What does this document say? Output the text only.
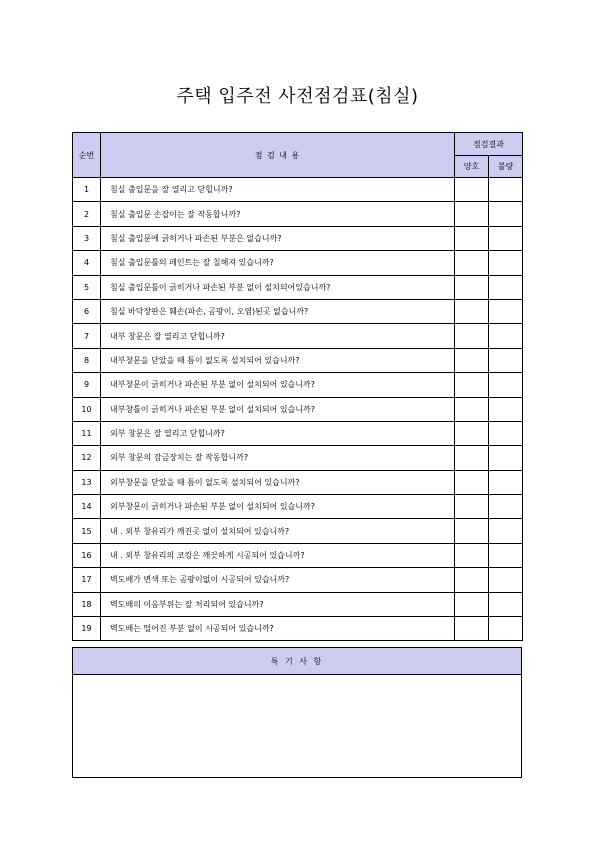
주택 입주전 사전점검표(침실)
순번	점 검 내 용	점검결과	
		양호	불량
1	침실 출입문을 잘 열리고 닫힙니까?		
2	침실 출입문 손잡이는 잘 작동합니까?		
3	침실 출입문에 긁히거나 파손된 부분은 없습니까?		
4	침실 출입문틀의 페인트는 잘 칠해져 있습니까?		
5	침실 출입문틀이 긁히거나 파손된 부분 없이 설치되어있습니까?		
6	침실 바닥장판은 훼손(파손, 곰팡이, 오염)된곳 없습니까?		
7	내부 창문은 잘 열리고 닫힙니까?		
8	내부창문을 닫았을 때 틈이 없도록 설치되어 있습니까?		
9	내부창문이 긁히거나 파손된 부분 없이 설치되어 있습니까?		
10	내부창틀이 긁히거나 파손된 부분 없이 설치되어 있습니까?		
11	외부 창문은 잘 열리고 닫힙니까?		
12	외부 창문의 잠금장치는 잘 작동합니까?		
13	외부창문을 닫았을 때 틈이 없도록 설치되어 있습니까?		
14	외부창문이 긁히거나 파손된 부분 없이 설치되어 있습니까?		
15	내 . 외부 창유리가 깨진곳 없이 설치되어 있습니까?		
16	내 . 외부 창유리의 코킹은 깨끗하게 시공되어 있습니까?		
17	벽도배가 변색 또는 곰팡이없이 시공되어 있습니까?		
18	벽도배의 이음부위는 잘 처리되어 있습니까?		
19	벽도배는 떨어진 부분 없이 시공되어 있습니까?		
특 기 사 항
